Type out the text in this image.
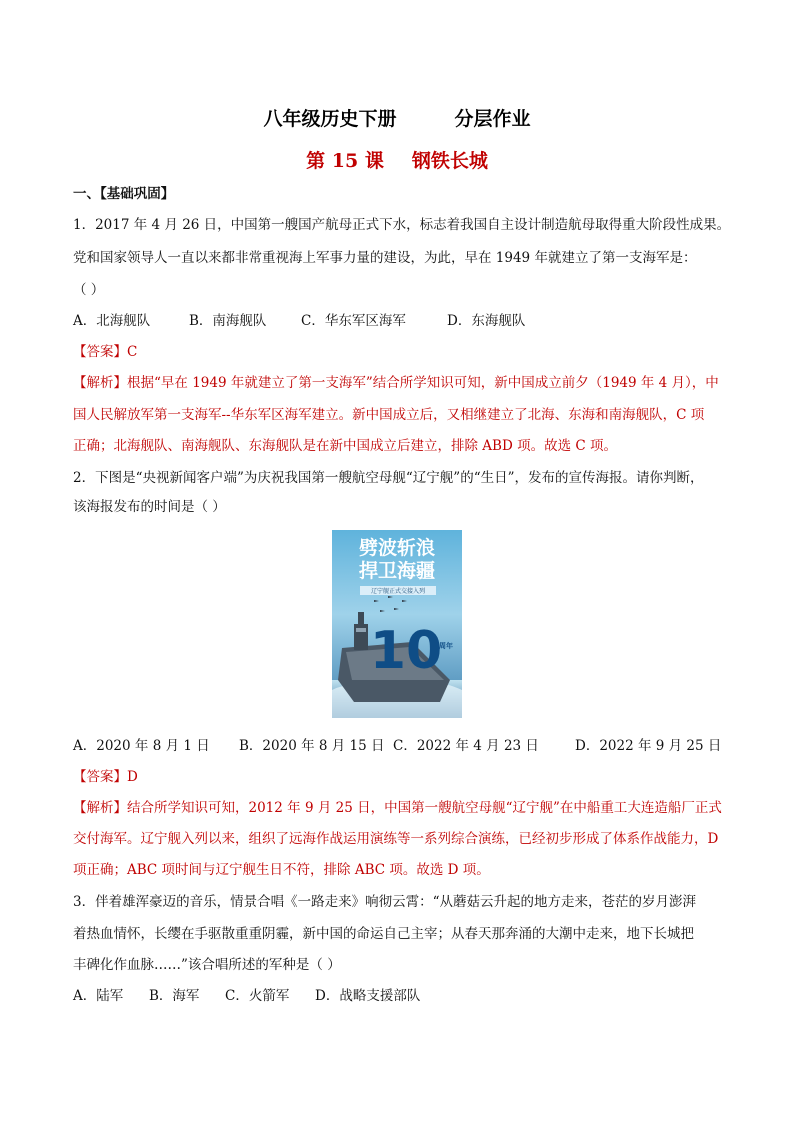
八年级历史下册	分层作业
第 15 课 钢铁长城
一、【基础巩固】
1．2017 年 4 月 26 日，中国第一艘国产航母正式下水，标志着我国自主设计制造航母取得重大阶段性成果。
党和国家领导人一直以来都非常重视海上军事力量的建设，为此，早在 1949 年就建立了第一支海军是：
（ ）
A．北海舰队	B．南海舰队	C．华东军区海军	D．东海舰队
【答案】C
【解析】根据“早在 1949 年就建立了第一支海军”结合所学知识可知，新中国成立前夕（1949 年 4 月），中
国人民解放军第一支海军--华东军区海军建立。新中国成立后，又相继建立了北海、东海和南海舰队，C 项
正确；北海舰队、南海舰队、东海舰队是在新中国成立后建立，排除 ABD 项。故选 C 项。
2．下图是“央视新闻客户端”为庆祝我国第一艘航空母舰“辽宁舰”的“生日”，发布的宣传海报。请你判断，
该海报发布的时间是（ ）
劈波斩浪
捍卫海疆
辽宁舰正式交接入列
10
周年
A．2020 年 8 月 1 日 B．2020 年 8 月 15 日 C．2022 年 4 月 23 日	D．2022 年 9 月 25 日
【答案】D
【解析】结合所学知识可知，2012 年 9 月 25 日，中国第一艘航空母舰“辽宁舰”在中船重工大连造船厂正式
交付海军。辽宁舰入列以来，组织了远海作战运用演练等一系列综合演练，已经初步形成了体系作战能力，D
项正确；ABC 项时间与辽宁舰生日不符，排除 ABC 项。故选 D 项。
3．伴着雄浑豪迈的音乐，情景合唱《一路走来》响彻云霄：“从蘑菇云升起的地方走来，苍茫的岁月澎湃
着热血情怀，长缨在手驱散重重阴霾，新中国的命运自己主宰；从春天那奔涌的大潮中走来，地下长城把
丰碑化作血脉……”该合唱所述的军种是（ ）
A．陆军 B．海军 C．火箭军 D．战略支援部队
